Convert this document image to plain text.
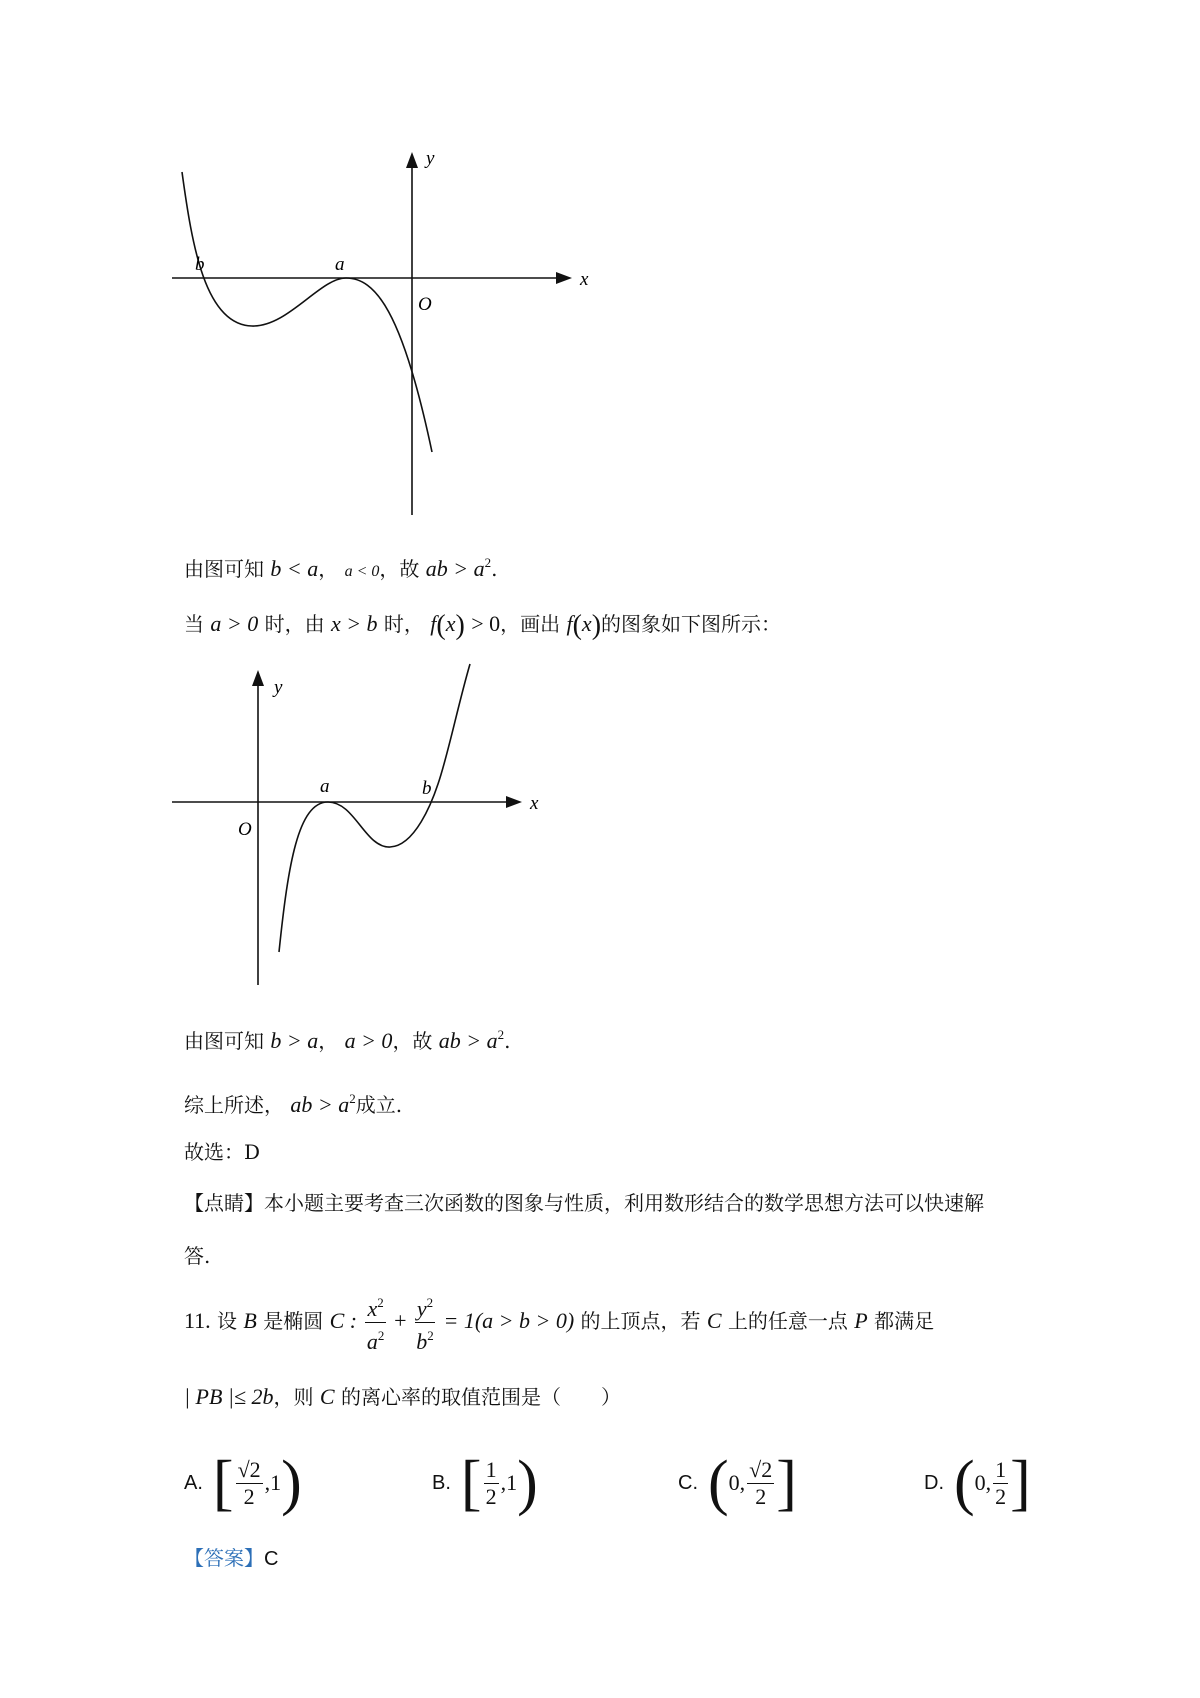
x
y
O
a
b
由图可知 b < a， a < 0，故 ab > $a^2$.
当 a > 0 时，由 x > b 时， f(x) > 0，画出 f(x)的图象如下图所示：
x
y
O
a	b
由图可知 b > a， a > 0，故 ab > $a^2$.
综上所述， ab > $a^2$成立.
故选：D
【点睛】本小题主要考查三次函数的图象与性质，利用数形结合的数学思想方法可以快速解
答.
11. 设 B 是椭圆 C : $\frac{x^2}{a^2} + \frac{y^2}{b^2} = 1(a > b > 0)$ 的上顶点，若 C 上的任意一点 P 都满足
| PB |≤ 2b，则 C 的离心率的取值范围是（　　）
A. [ $\frac{√2}{2} ,1$ )	B. [ $\frac{1}{2} ,1$ )	C. ( 0, $\frac{√2}{2}$ ]	D. ( 0, $\frac{1}{2}$ ]
【答案】C
